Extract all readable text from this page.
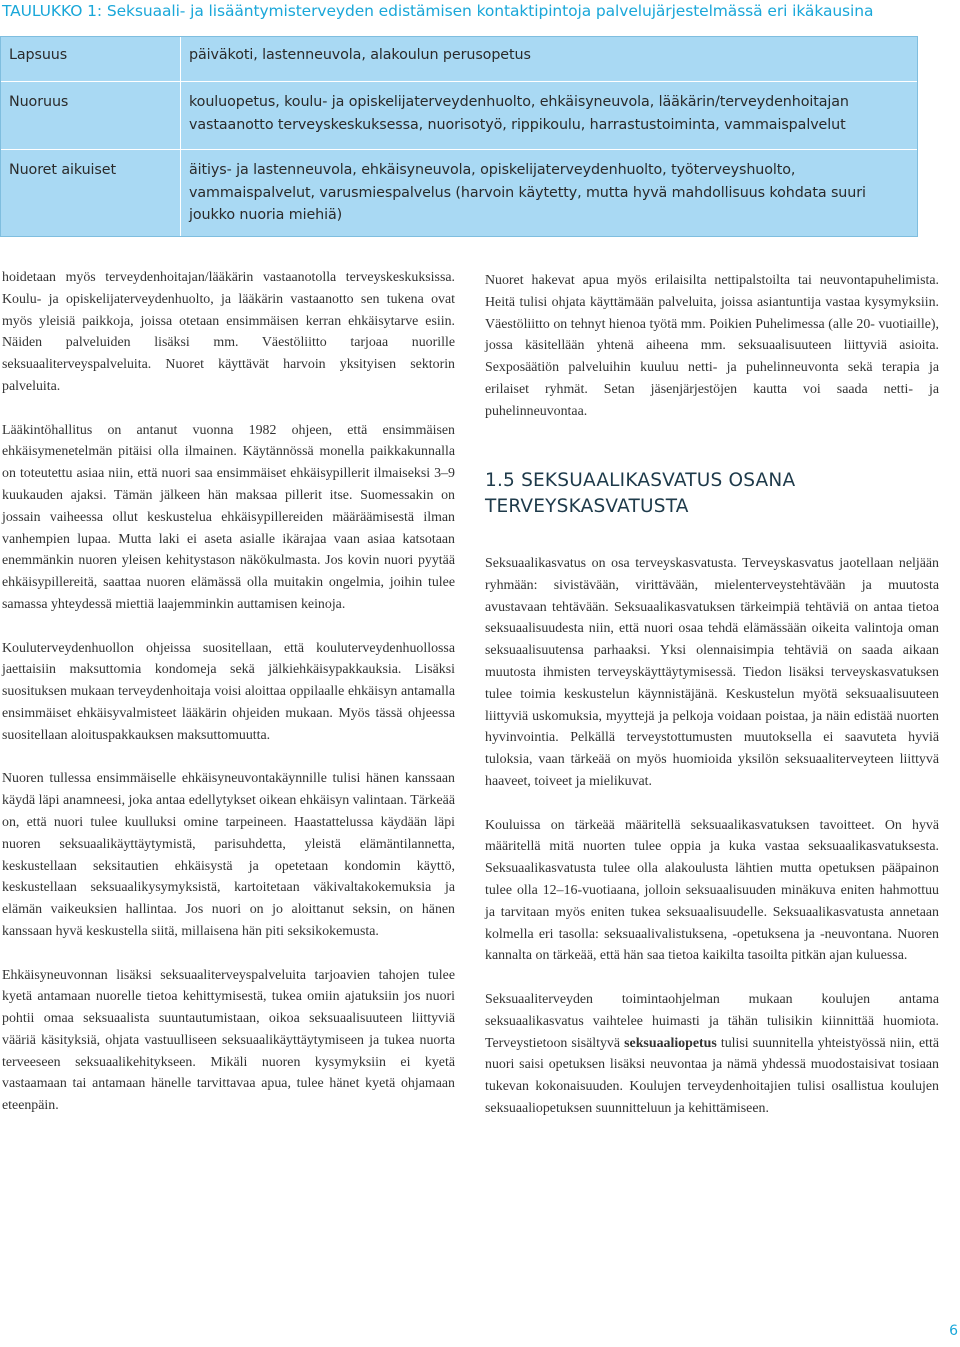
TAULUKKO 1: Seksuaali- ja lisääntymisterveyden edistämisen kontaktipintoja palvelujärjestelmässä eri ikäkausina
Lapsuus	päiväkoti, lastenneuvola, alakoulun perusopetus
Nuoruus	kouluopetus, koulu- ja opiskelijaterveydenhuolto, ehkäisyneuvola, lääkärin/terveydenhoitajan vastaanotto terveyskeskuksessa, nuorisotyö, rippikoulu, harrastustoiminta, vammaispalvelut
Nuoret aikuiset	äitiys- ja lastenneuvola, ehkäisyneuvola, opiskelijaterveydenhuolto, työterveyshuolto, vammaispalvelut, varusmiespalvelus (harvoin käytetty, mutta hyvä mahdollisuus kohdata suuri joukko nuoria miehiä)

hoidetaan myös terveydenhoitajan/lääkärin vastaanotolla terveyskeskuksissa. Koulu- ja opiskelijaterveydenhuolto, ja lääkärin vastaanotto sen tukena ovat myös yleisiä paikkoja, joissa otetaan ensimmäisen kerran ehkäisytarve esiin. Näiden palveluiden lisäksi mm. Väestöliitto tarjoaa nuorille seksuaaliterveyspalveluita. Nuoret käyttävät harvoin yksityisen sektorin palveluita.

Lääkintöhallitus on antanut vuonna 1982 ohjeen, että ensimmäisen ehkäisymenetelmän pitäisi olla ilmainen. Käytännössä monella paikkakunnalla on toteutettu asiaa niin, että nuori saa ensimmäiset ehkäisypillerit ilmaiseksi 3–9 kuukauden ajaksi. Tämän jälkeen hän maksaa pillerit itse. Suomessakin on jossain vaiheessa ollut keskustelua ehkäisypillereiden määräämisestä ilman vanhempien lupaa. Mutta laki ei aseta asialle ikärajaa vaan asiaa katsotaan enemmänkin nuoren yleisen kehitystason näkökulmasta. Jos kovin nuori pyytää ehkäisypillereitä, saattaa nuoren elämässä olla muitakin ongelmia, joihin tulee samassa yhteydessä miettiä laajemminkin auttamisen keinoja.

Kouluterveydenhuollon ohjeissa suositellaan, että kouluterveydenhuollossa jaettaisiin maksuttomia kondomeja sekä jälkiehkäisypakkauksia. Lisäksi suosituksen mukaan terveydenhoitaja voisi aloittaa oppilaalle ehkäisyn antamalla ensimmäiset ehkäisyvalmisteet lääkärin ohjeiden mukaan. Myös tässä ohjeessa suositellaan aloituspakkauksen maksuttomuutta.

Nuoren tullessa ensimmäiselle ehkäisyneuvontakäynnille tulisi hänen kanssaan käydä läpi anamneesi, joka antaa edellytykset oikean ehkäisyn valintaan. Tärkeää on, että nuori tulee kuulluksi omine tarpeineen. Haastattelussa käydään läpi nuoren seksuaalikäyttäytymistä, parisuhdetta, yleistä elämäntilannetta, keskustellaan seksitautien ehkäisystä ja opetetaan kondomin käyttö, keskustellaan seksuaalikysymyksistä, kartoitetaan väkivaltakokemuksia ja elämän vaikeuksien hallintaa. Jos nuori on jo aloittanut seksin, on hänen kanssaan hyvä keskustella siitä, millaisena hän piti seksikokemusta.

Ehkäisyneuvonnan lisäksi seksuaaliterveyspalveluita tarjoavien tahojen tulee kyetä antamaan nuorelle tietoa kehittymisestä, tukea omiin ajatuksiin jos nuori pohtii omaa seksuaalista suuntautumistaan, oikoa seksuaalisuuteen liittyviä vääriä käsityksiä, ohjata vastuulliseen seksuaalikäyttäytymiseen ja tukea nuorta terveeseen seksuaalikehitykseen. Mikäli nuoren kysymyksiin ei kyetä vastaamaan tai antamaan hänelle tarvittavaa apua, tulee hänet kyetä ohjamaan eteenpäin.

Nuoret hakevat apua myös erilaisilta nettipalstoilta tai neuvontapuhelimista. Heitä tulisi ohjata käyttämään palveluita, joissa asiantuntija vastaa kysymyksiin. Väestöliitto on tehnyt hienoa työtä mm. Poikien Puhelimessa (alle 20- vuotiaille), jossa käsitellään yhtenä aiheena mm. seksuaalisuuteen liittyviä asioita. Sexposäätiön palveluihin kuuluu netti- ja puhelinneuvonta sekä terapia ja erilaiset ryhmät. Setan jäsenjärjestöjen kautta voi saada netti- ja puhelinneuvontaa.

1.5 SEKSUAALIKASVATUS OSANA TERVEYSKASVATUSTA

Seksuaalikasvatus on osa terveyskasvatusta. Terveyskasvatus jaotellaan neljään ryhmään: sivistävään, virittävään, mielenterveystehtävään ja muutosta avustavaan tehtävään. Seksuaalikasvatuksen tärkeimpiä tehtäviä on antaa tietoa seksuaalisuudesta niin, että nuori osaa tehdä elämässään oikeita valintoja oman seksuaalisuutensa parhaaksi. Yksi olennaisimpia tehtäviä on saada aikaan muutosta ihmisten terveyskäyttäytymisessä. Tiedon lisäksi terveyskasvatuksen tulee toimia keskustelun käynnistäjänä. Keskustelun myötä seksuaalisuuteen liittyviä uskomuksia, myyttejä ja pelkoja voidaan poistaa, ja näin edistää nuorten hyvinvointia. Pelkällä terveystottumusten muutoksella ei saavuteta hyviä tuloksia, vaan tärkeää on myös huomioida yksilön seksuaaliterveyteen liittyvä haaveet, toiveet ja mielikuvat.

Kouluissa on tärkeää määritellä seksuaalikasvatuksen tavoitteet. On hyvä määritellä mitä nuorten tulee oppia ja kuka vastaa seksuaalikasvatuksesta. Seksuaalikasvatusta tulee olla alakoulusta lähtien mutta opetuksen pääpainon tulee olla 12–16-vuotiaana, jolloin seksuaalisuuden minäkuva eniten hahmottuu ja tarvitaan myös eniten tukea seksuaalisuudelle. Seksuaalikasvatusta annetaan kolmella eri tasolla: seksuaalivalistuksena, -opetuksena ja -neuvontana. Nuoren kannalta on tärkeää, että hän saa tietoa kaikilta tasoilta pitkän ajan kuluessa.

Seksuaaliterveyden toimintaohjelman mukaan koulujen antama seksuaalikasvatus vaihtelee huimasti ja tähän tulisikin kiinnittää huomiota. Terveystietoon sisältyvä seksuaaliopetus tulisi suunnitella yhteistyössä niin, että nuori saisi opetuksen lisäksi neuvontaa ja nämä yhdessä muodostaisivat tosiaan tukevan kokonaisuuden. Koulujen terveydenhoitajien tulisi osallistua koulujen seksuaaliopetuksen suunnitteluun ja kehittämiseen.

6
